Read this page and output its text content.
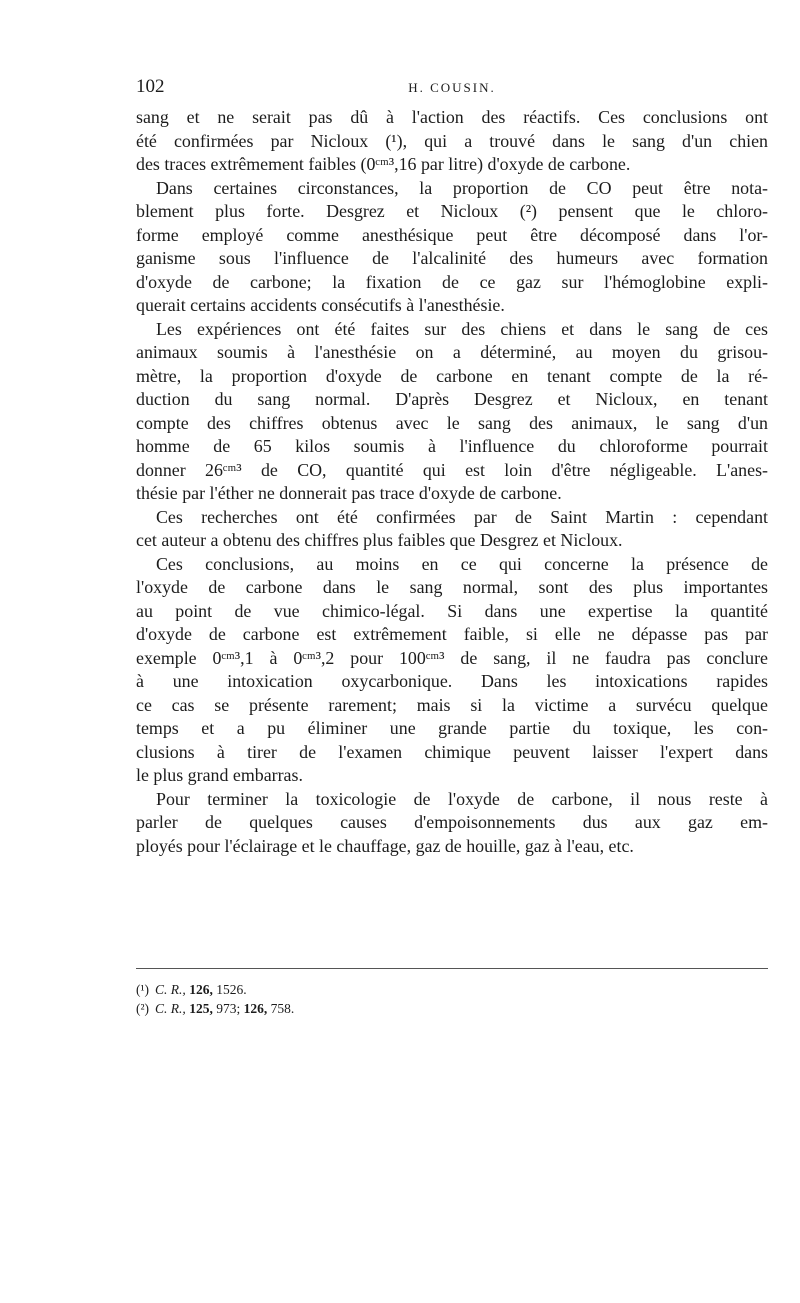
102	H. COUSIN.

sang et ne serait pas dû à l'action des réactifs. Ces conclusions ont
été confirmées par Nicloux (¹), qui a trouvé dans le sang d'un chien
des traces extrêmement faibles (0ᶜᵐ³,16 par litre) d'oxyde de carbone.

Dans certaines circonstances, la proportion de CO peut être nota-
blement plus forte. Desgrez et Nicloux (²) pensent que le chloro-
forme employé comme anesthésique peut être décomposé dans l'or-
ganisme sous l'influence de l'alcalinité des humeurs avec formation
d'oxyde de carbone; la fixation de ce gaz sur l'hémoglobine expli-
querait certains accidents consécutifs à l'anesthésie.

Les expériences ont été faites sur des chiens et dans le sang de ces
animaux soumis à l'anesthésie on a déterminé, au moyen du grisou-
mètre, la proportion d'oxyde de carbone en tenant compte de la ré-
duction du sang normal. D'après Desgrez et Nicloux, en tenant
compte des chiffres obtenus avec le sang des animaux, le sang d'un
homme de 65 kilos soumis à l'influence du chloroforme pourrait
donner 26ᶜᵐ³ de CO, quantité qui est loin d'être négligeable. L'anes-
thésie par l'éther ne donnerait pas trace d'oxyde de carbone.

Ces recherches ont été confirmées par de Saint Martin : cependant
cet auteur a obtenu des chiffres plus faibles que Desgrez et Nicloux.

Ces conclusions, au moins en ce qui concerne la présence de
l'oxyde de carbone dans le sang normal, sont des plus importantes
au point de vue chimico-légal. Si dans une expertise la quantité
d'oxyde de carbone est extrêmement faible, si elle ne dépasse pas par
exemple 0ᶜᵐ³,1 à 0ᶜᵐ³,2 pour 100ᶜᵐ³ de sang, il ne faudra pas conclure
à une intoxication oxycarbonique. Dans les intoxications rapides
ce cas se présente rarement; mais si la victime a survécu quelque
temps et a pu éliminer une grande partie du toxique, les con-
clusions à tirer de l'examen chimique peuvent laisser l'expert dans
le plus grand embarras.

Pour terminer la toxicologie de l'oxyde de carbone, il nous reste à
parler de quelques causes d'empoisonnements dus aux gaz em-
ployés pour l'éclairage et le chauffage, gaz de houille, gaz à l'eau, etc.

(¹) C. R., 126, 1526.
(²) C. R., 125, 973; 126, 758.
